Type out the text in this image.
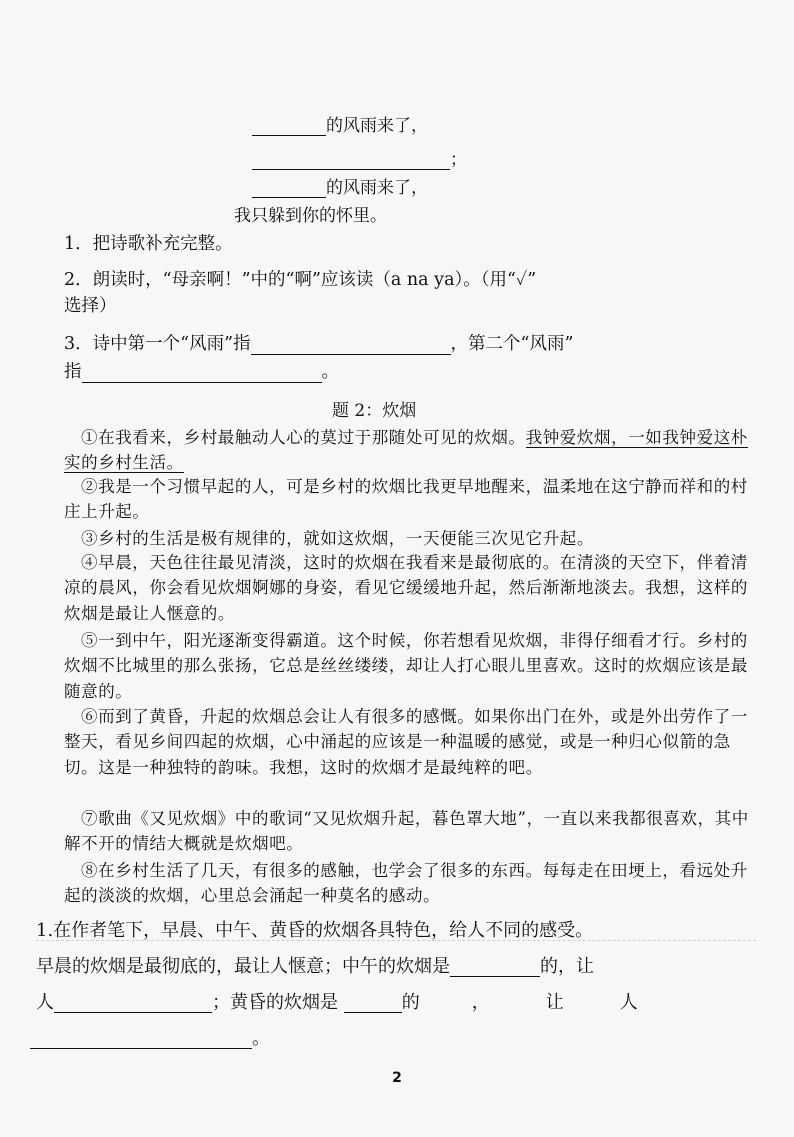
的风雨来了，
；
的风雨来了，
我只躲到你的怀里。
1．把诗歌补充完整。
2．朗读时，“母亲啊！”中的“啊”应该读（a na ya）。（用“✓”
选择）
3．诗中第一个“风雨”指	，第二个“风雨”
指	。
题 2：炊烟
①在我看来，乡村最触动人心的莫过于那随处可见的炊烟。我钟爱炊烟，一如我钟爱这朴实的乡村生活。
②我是一个习惯早起的人，可是乡村的炊烟比我更早地醒来，温柔地在这宁静而祥和的村庄上升起。
③乡村的生活是极有规律的，就如这炊烟，一天便能三次见它升起。
④早晨，天色往往最见清淡，这时的炊烟在我看来是最彻底的。在清淡的天空下，伴着清凉的晨风，你会看见炊烟婀娜的身姿，看见它缓缓地升起，然后渐渐地淡去。我想，这样的炊烟是最让人惬意的。
⑤一到中午，阳光逐渐变得霸道。这个时候，你若想看见炊烟，非得仔细看才行。乡村的炊烟不比城里的那么张扬，它总是丝丝缕缕，却让人打心眼儿里喜欢。这时的炊烟应该是最随意的。
⑥而到了黄昏，升起的炊烟总会让人有很多的感慨。如果你出门在外，或是外出劳作了一整天，看见乡间四起的炊烟，心中涌起的应该是一种温暖的感觉，或是一种归心似箭的急切。这是一种独特的韵味。我想，这时的炊烟才是最纯粹的吧。
⑦歌曲《又见炊烟》中的歌词“又见炊烟升起，暮色罩大地”，一直以来我都很喜欢，其中解不开的情结大概就是炊烟吧。
⑧在乡村生活了几天，有很多的感触，也学会了很多的东西。每每走在田埂上，看远处升起的淡淡的炊烟，心里总会涌起一种莫名的感动。
1.在作者笔下，早晨、中午、黄昏的炊烟各具特色，给人不同的感受。
早晨的炊烟是最彻底的，最让人惬意；中午的炊烟是	的，让
人	；黄昏的炊烟是	的	，	让	人
。
2
